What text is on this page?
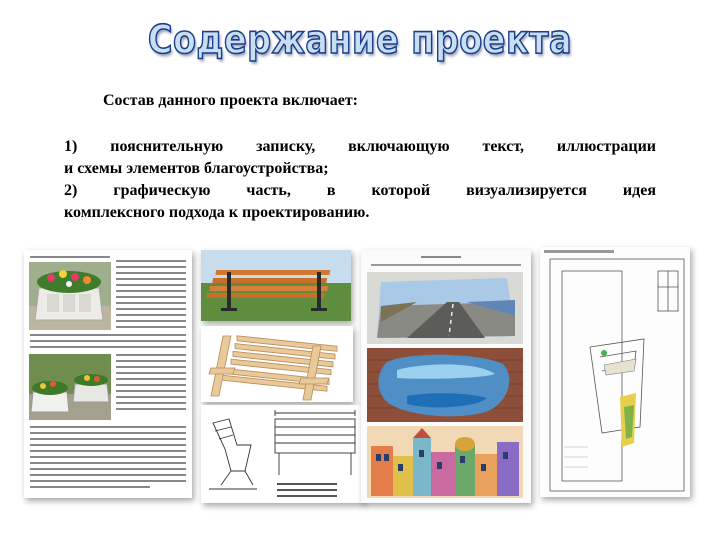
Содержание проекта
Состав данного проекта включает:

1) пояснительную записку, включающую текст, иллюстрации

и схемы элементов благоустройства;

2) графическую часть, в которой визуализируется идея

комплексного подхода к проектированию.
